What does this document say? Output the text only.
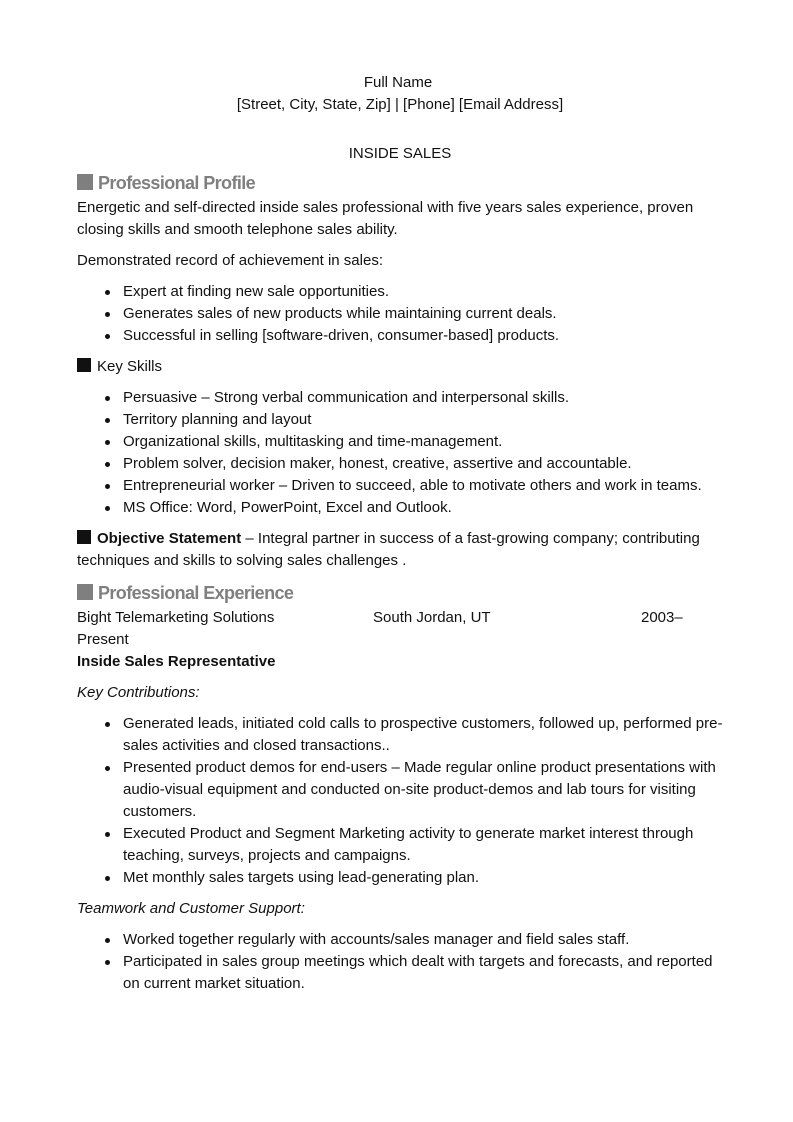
Full Name
[Street, City, State, Zip] | [Phone] [Email Address]
INSIDE SALES
Professional Profile

Energetic and self-directed inside sales professional with five years sales experience, proven closing skills and smooth telephone sales ability.

Demonstrated record of achievement in sales:

Expert at finding new sale opportunities.
Generates sales of new products while maintaining current deals.
Successful in selling [software-driven, consumer-based] products.
Key Skills
Persuasive – Strong verbal communication and interpersonal skills.
Territory planning and layout
Organizational skills, multitasking and time-management.
Problem solver, decision maker, honest, creative, assertive and accountable.
Entrepreneurial worker – Driven to succeed, able to motivate others and work in teams.
MS Office: Word, PowerPoint, Excel and Outlook.

Objective Statement – Integral partner in success of a fast-growing company; contributing techniques and skills to solving sales challenges .

Professional Experience
Bight Telemarketing Solutions	South Jordan, UT	2003–
Present
Inside Sales Representative

Key Contributions:

Generated leads, initiated cold calls to prospective customers, followed up, performed pre-sales activities and closed transactions..
Presented product demos for end-users – Made regular online product presentations with audio-visual equipment and conducted on-site product-demos and lab tours for visiting customers.
Executed Product and Segment Marketing activity to generate market interest through teaching, surveys, projects and campaigns.
Met monthly sales targets using lead-generating plan.

Teamwork and Customer Support:

Worked together regularly with accounts/sales manager and field sales staff.
Participated in sales group meetings which dealt with targets and forecasts, and reported on current market situation.
